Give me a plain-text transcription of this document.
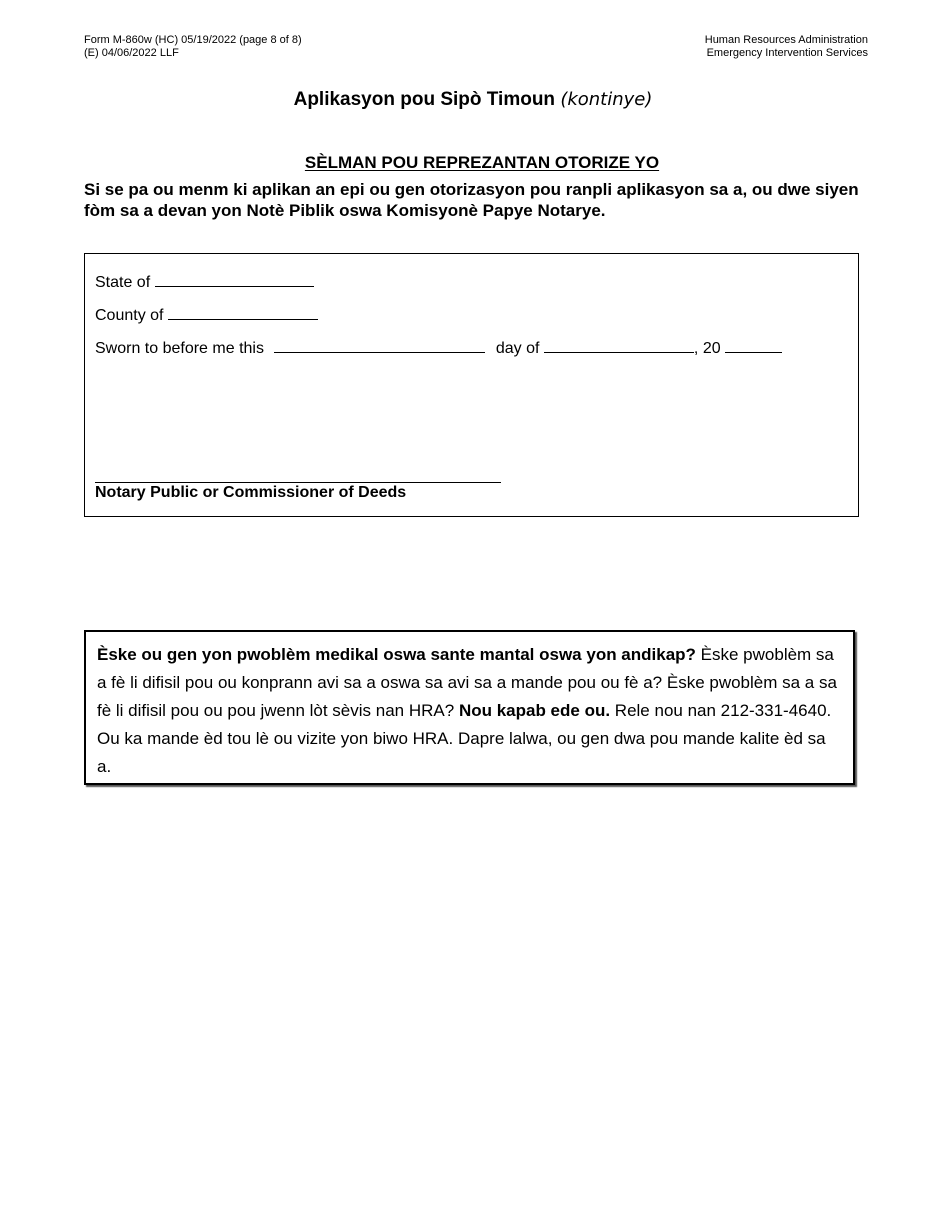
Form M-860w (HC) 05/19/2022 (page 8 of 8)
(E) 04/06/2022 LLF
Human Resources Administration
Emergency Intervention Services
Aplikasyon pou Sipò Timoun (kontinye)
SÈLMAN POU REPREZANTAN OTORIZE YO
Si se pa ou menm ki aplikan an epi ou gen otorizasyon pou ranpli aplikasyon sa a, ou dwe siyen fòm sa a devan yon Notè Piblik oswa Komisyonè Papye Notarye.
State of
County of
Sworn to before me this	day of	, 20
Notary Public or Commissioner of Deeds
Èske ou gen yon pwoblèm medikal oswa sante mantal oswa yon andikap? Èske pwoblèm sa a fè li difisil pou ou konprann avi sa a oswa sa avi sa a mande pou ou fè a? Èske pwoblèm sa a sa fè li difisil pou ou pou jwenn lòt sèvis nan HRA? Nou kapab ede ou. Rele nou nan 212-331-4640. Ou ka mande èd tou lè ou vizite yon biwo HRA. Dapre lalwa, ou gen dwa pou mande kalite èd sa a.
